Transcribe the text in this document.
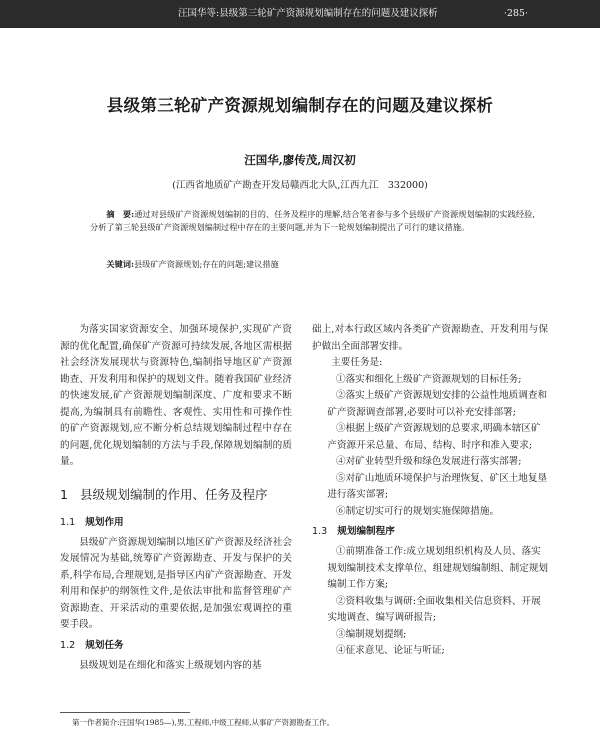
汪国华等:县级第三轮矿产资源规划编制存在的问题及建议探析	·285·
县级第三轮矿产资源规划编制存在的问题及建议探析
汪国华,廖传茂,周汉初
(江西省地质矿产勘查开发局赣西北大队,江西九江　332000)
摘　要:通过对县级矿产资源规划编制的目的、任务及程序的理解,结合笔者参与多个县级矿产资源规划编制的实践经验,分析了第三轮县级矿产资源规划编制过程中存在的主要问题,并为下一轮规划编制提出了可行的建议措施。
关键词:县级矿产资源规划;存在的问题;建议措施

为落实国家资源安全、加强环境保护,实现矿产资源的优化配置,确保矿产资源可持续发展,各地区需根据社会经济发展现状与资源特色,编制指导地区矿产资源勘查、开发利用和保护的规划文件。随着我国矿业经济的快速发展,矿产资源规划编制深度、广度和要求不断提高,为编制具有前瞻性、客观性、实用性和可操作性的矿产资源规划,应不断分析总结规划编制过程中存在的问题,优化规划编制的方法与手段,保障规划编制的质量。

1 县级规划编制的作用、任务及程序
1.1 规划作用

县级矿产资源规划编制以地区矿产资源及经济社会发展情况为基础,统筹矿产资源勘查、开发与保护的关系,科学布局,合理规划,是指导区内矿产资源勘查、开发利用和保护的纲领性文件,是依法审批和监督管理矿产资源勘查、开采活动的重要依据,是加强宏观调控的重要手段。

1.2 规划任务

县级规划是在细化和落实上级规划内容的基

础上,对本行政区域内各类矿产资源勘查、开发利用与保护做出全面部署安排。

主要任务是:

①落实和细化上级矿产资源规划的目标任务;

②落实上级矿产资源规划安排的公益性地质调查和矿产资源调查部署,必要时可以补充安排部署;

③根据上级矿产资源规划的总要求,明确本辖区矿产资源开采总量、布局、结构、时序和准入要求;

④对矿业转型升级和绿色发展进行落实部署;

⑤对矿山地质环境保护与治理恢复、矿区土地复垦进行落实部署;

⑥制定切实可行的规划实施保障措施。

1.3 规划编制程序

①前期准备工作:成立规划组织机构及人员、落实规划编制技术支撑单位、组建规划编制组、制定规划编制工作方案;

②资料收集与调研:全面收集相关信息资料、开展实地调查、编写调研报告;

③编制规划提纲;

④征求意见、论证与听证;

第一作者简介:汪国华(1985—),男,工程师,中级工程师,从事矿产资源勘查工作。
